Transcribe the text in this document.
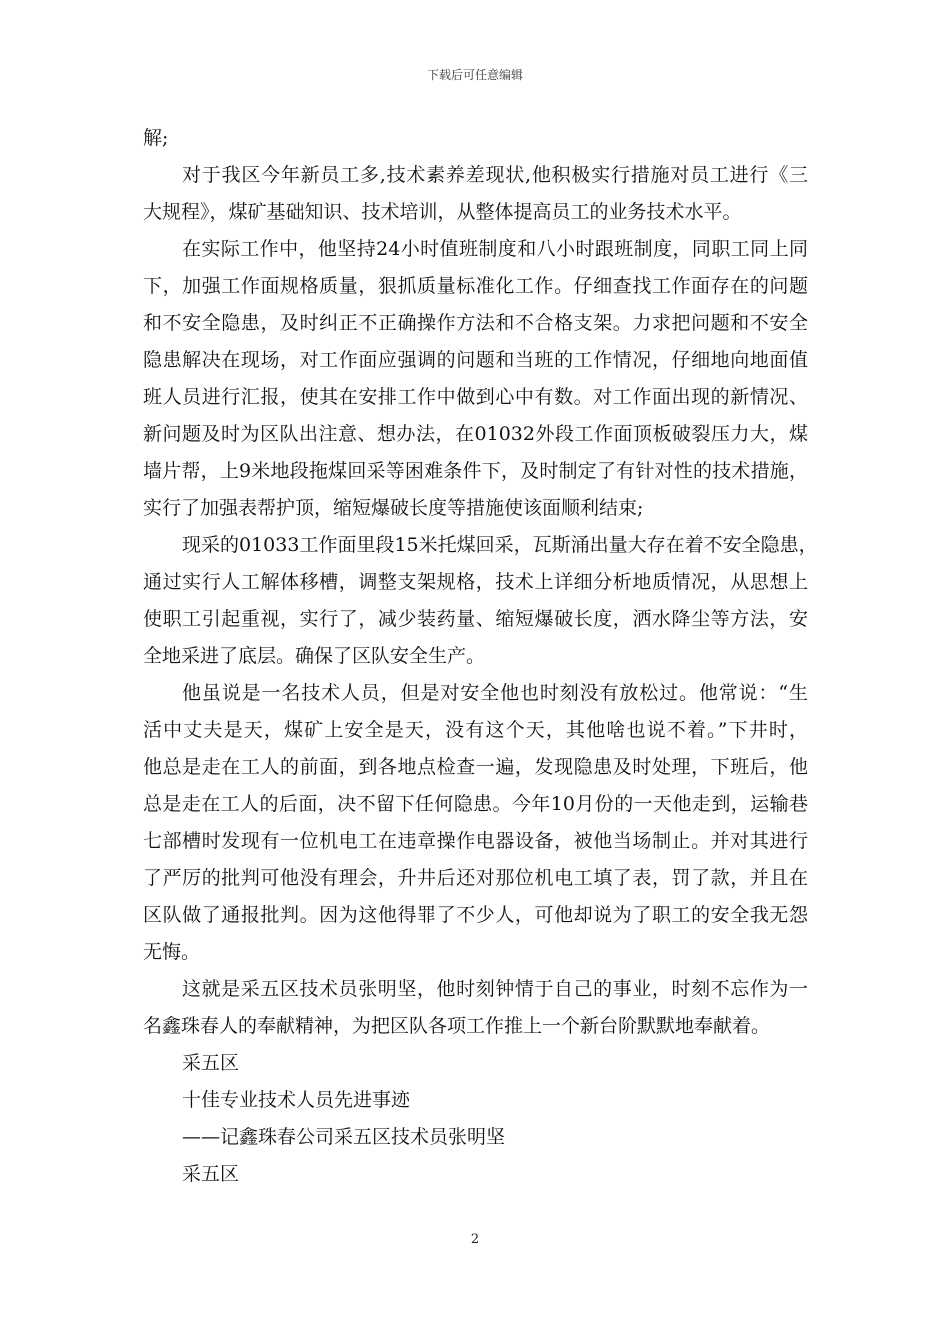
下载后可任意编辑
解;
对于我区今年新员工多,技术素养差现状,他积极实行措施对员工进行《三
大规程》，煤矿基础知识、技术培训，从整体提高员工的业务技术水平。
在实际工作中，他坚持24小时值班制度和八小时跟班制度，同职工同上同
下，加强工作面规格质量，狠抓质量标准化工作。仔细查找工作面存在的问题
和不安全隐患，及时纠正不正确操作方法和不合格支架。力求把问题和不安全
隐患解决在现场，对工作面应强调的问题和当班的工作情况，仔细地向地面值
班人员进行汇报，使其在安排工作中做到心中有数。对工作面出现的新情况、
新问题及时为区队出注意、想办法，在01032外段工作面顶板破裂压力大，煤
墙片帮，上9米地段拖煤回采等困难条件下，及时制定了有针对性的技术措施，
实行了加强表帮护顶，缩短爆破长度等措施使该面顺利结束;
现采的01033工作面里段15米托煤回采，瓦斯涌出量大存在着不安全隐患，
通过实行人工解体移槽，调整支架规格，技术上详细分析地质情况，从思想上
使职工引起重视，实行了，减少装药量、缩短爆破长度，洒水降尘等方法，安
全地采进了底层。确保了区队安全生产。
他虽说是一名技术人员，但是对安全他也时刻没有放松过。他常说：“生
活中丈夫是天，煤矿上安全是天，没有这个天，其他啥也说不着。”下井时，
他总是走在工人的前面，到各地点检查一遍，发现隐患及时处理，下班后，他
总是走在工人的后面，决不留下任何隐患。今年10月份的一天他走到，运输巷
七部槽时发现有一位机电工在违章操作电器设备，被他当场制止。并对其进行
了严厉的批判可他没有理会，升井后还对那位机电工填了表，罚了款，并且在
区队做了通报批判。因为这他得罪了不少人，可他却说为了职工的安全我无怨
无悔。
这就是采五区技术员张明坚，他时刻钟情于自己的事业，时刻不忘作为一
名鑫珠春人的奉献精神，为把区队各项工作推上一个新台阶默默地奉献着。
采五区
十佳专业技术人员先进事迹
——记鑫珠春公司采五区技术员张明坚
采五区
2
